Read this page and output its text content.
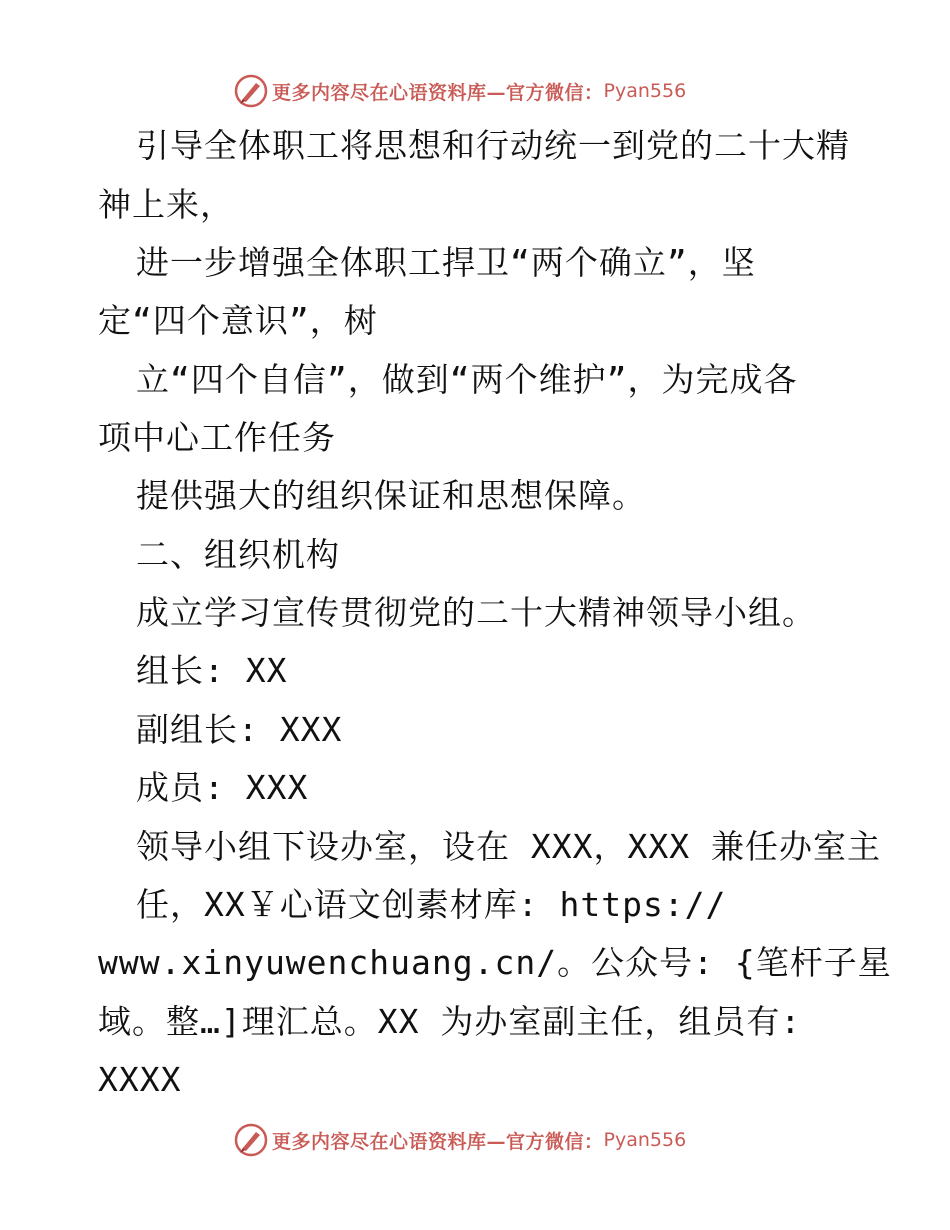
更多内容尽在心语资料库—官方微信： Pyan556
引导全体职工将思想和行动统一到党的二十大精
神上来，
进一步增强全体职工捍卫“两个确立”，坚
定“四个意识”，树
立“四个自信”，做到“两个维护”，为完成各
项中心工作任务
提供强大的组织保证和思想保障。
二、组织机构
成立学习宣传贯彻党的二十大精神领导小组。
组长: XX
副组长: XXX
成员: XXX
领导小组下设办室，设在 XXX，XXX 兼任办室主
任，XX￥心语文创素材库: https://
www.xinyuwenchuang.cn/。公众号: {笔杆子星
域。整…]理汇总。XX 为办室副主任，组员有:
XXXX
更多内容尽在心语资料库—官方微信： Pyan556
